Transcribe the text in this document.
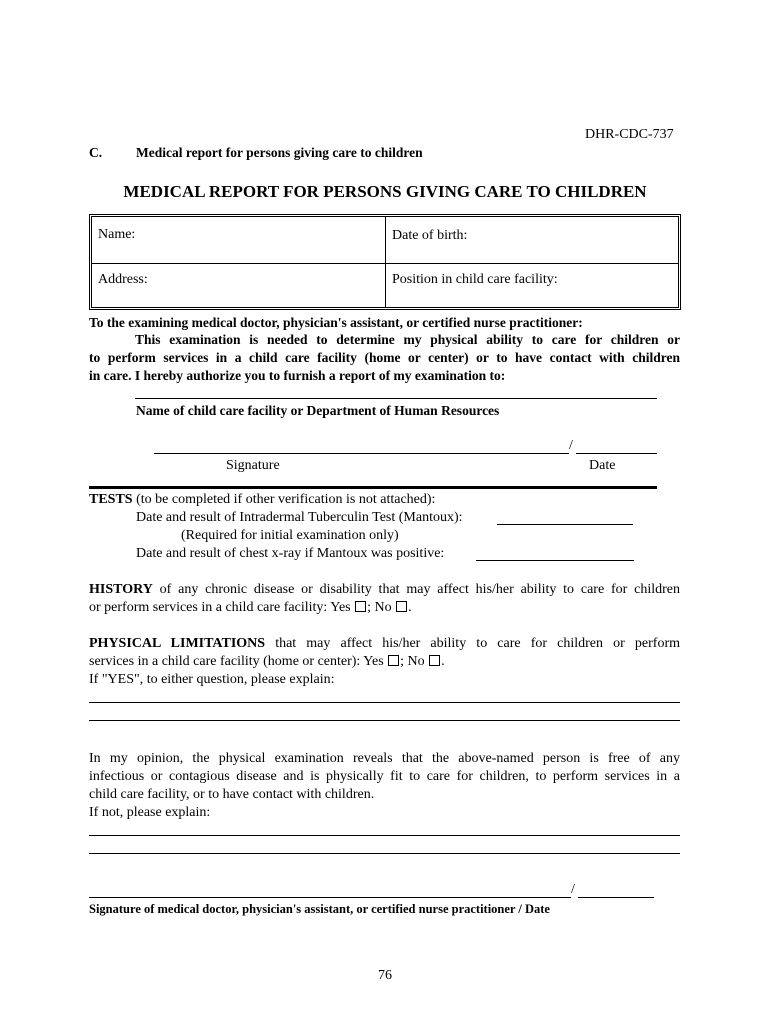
DHR-CDC-737
C.	Medical report for persons giving care to children
MEDICAL REPORT FOR PERSONS GIVING CARE TO CHILDREN
Name:	Date of birth:
Address:	Position in child care facility:
To the examining medical doctor, physician's assistant, or certified nurse practitioner:
This examination is needed to determine my physical ability to care for children or
to perform services in a child care facility (home or center) or to have contact with children
in care. I hereby authorize you to furnish a report of my examination to:
Name of child care facility or Department of Human Resources
/
Signature	Date
TESTS (to be completed if other verification is not attached):
Date and result of Intradermal Tuberculin Test (Mantoux):
(Required for initial examination only)
Date and result of chest x-ray if Mantoux was positive:
HISTORY of any chronic disease or disability that may affect his/her ability to care for children
or perform services in a child care facility: Yes ; No .
PHYSICAL LIMITATIONS that may affect his/her ability to care for children or perform
services in a child care facility (home or center): Yes ; No .
If "YES", to either question, please explain:
In my opinion, the physical examination reveals that the above-named person is free of any
infectious or contagious disease and is physically fit to care for children, to perform services in a
child care facility, or to have contact with children.
If not, please explain:
/
Signature of medical doctor, physician's assistant, or certified nurse practitioner / Date
76
